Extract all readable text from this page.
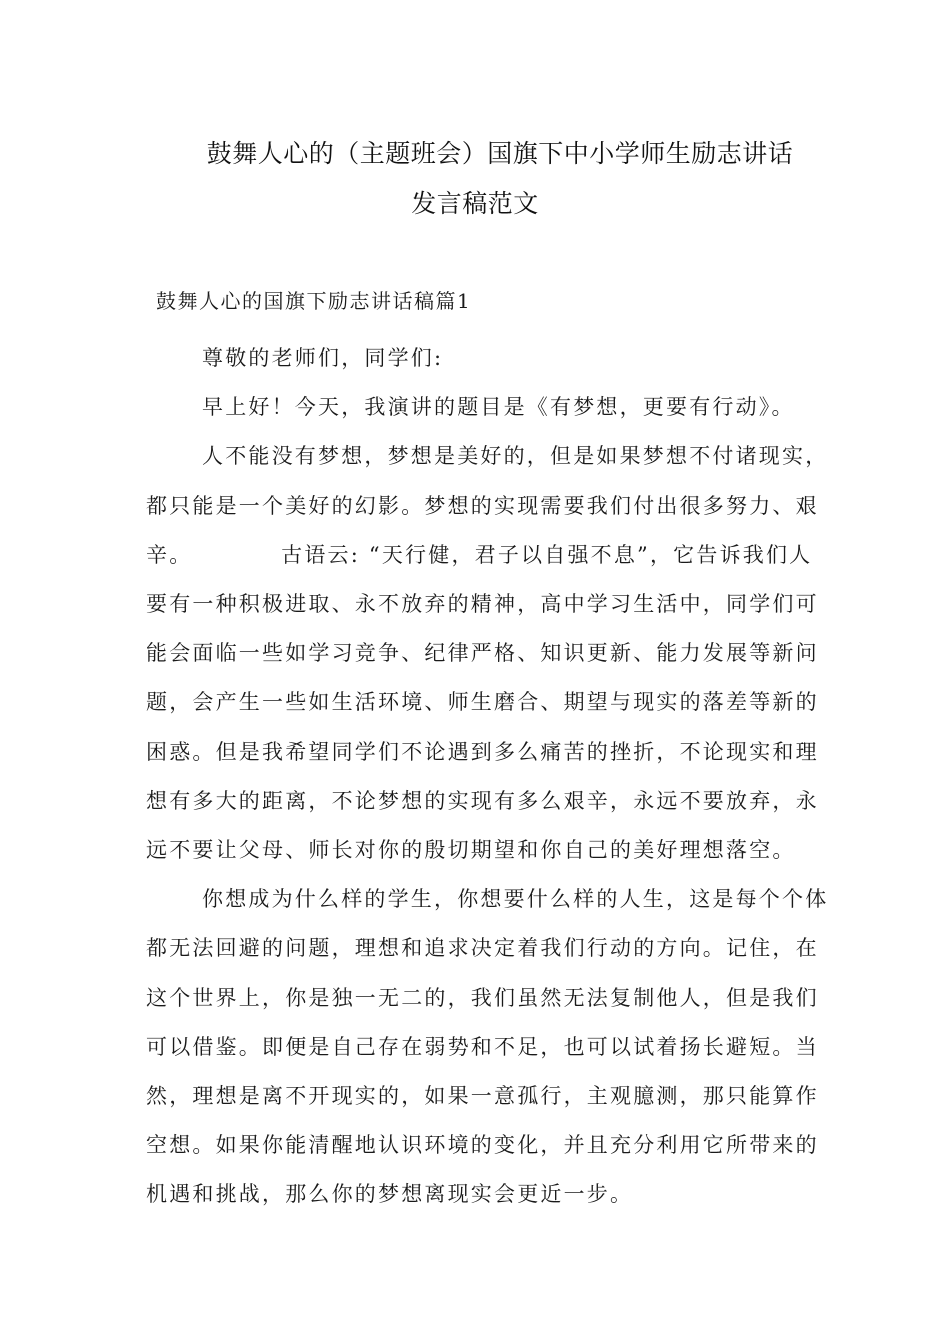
鼓舞人心的（主题班会）国旗下中小学师生励志讲话
发言稿范文
鼓舞人心的国旗下励志讲话稿篇1
尊敬的老师们，同学们:
早上好！今天，我演讲的题目是《有梦想，更要有行动》。
人不能没有梦想，梦想是美好的，但是如果梦想不付诸现实，
都只能是一个美好的幻影。梦想的实现需要我们付出很多努力、艰
辛。          古语云: “天行健，君子以自强不息”，它告诉我们人
要有一种积极进取、永不放弃的精神，高中学习生活中，同学们可
能会面临一些如学习竞争、纪律严格、知识更新、能力发展等新问
题，会产生一些如生活环境、师生磨合、期望与现实的落差等新的
困惑。但是我希望同学们不论遇到多么痛苦的挫折，不论现实和理
想有多大的距离，不论梦想的实现有多么艰辛，永远不要放弃，永
远不要让父母、师长对你的殷切期望和你自己的美好理想落空。
你想成为什么样的学生，你想要什么样的人生，这是每个个体
都无法回避的问题，理想和追求决定着我们行动的方向。记住，在
这个世界上，你是独一无二的，我们虽然无法复制他人，但是我们
可以借鉴。即便是自己存在弱势和不足，也可以试着扬长避短。当
然，理想是离不开现实的，如果一意孤行，主观臆测，那只能算作
空想。如果你能清醒地认识环境的变化，并且充分利用它所带来的
机遇和挑战，那么你的梦想离现实会更近一步。
